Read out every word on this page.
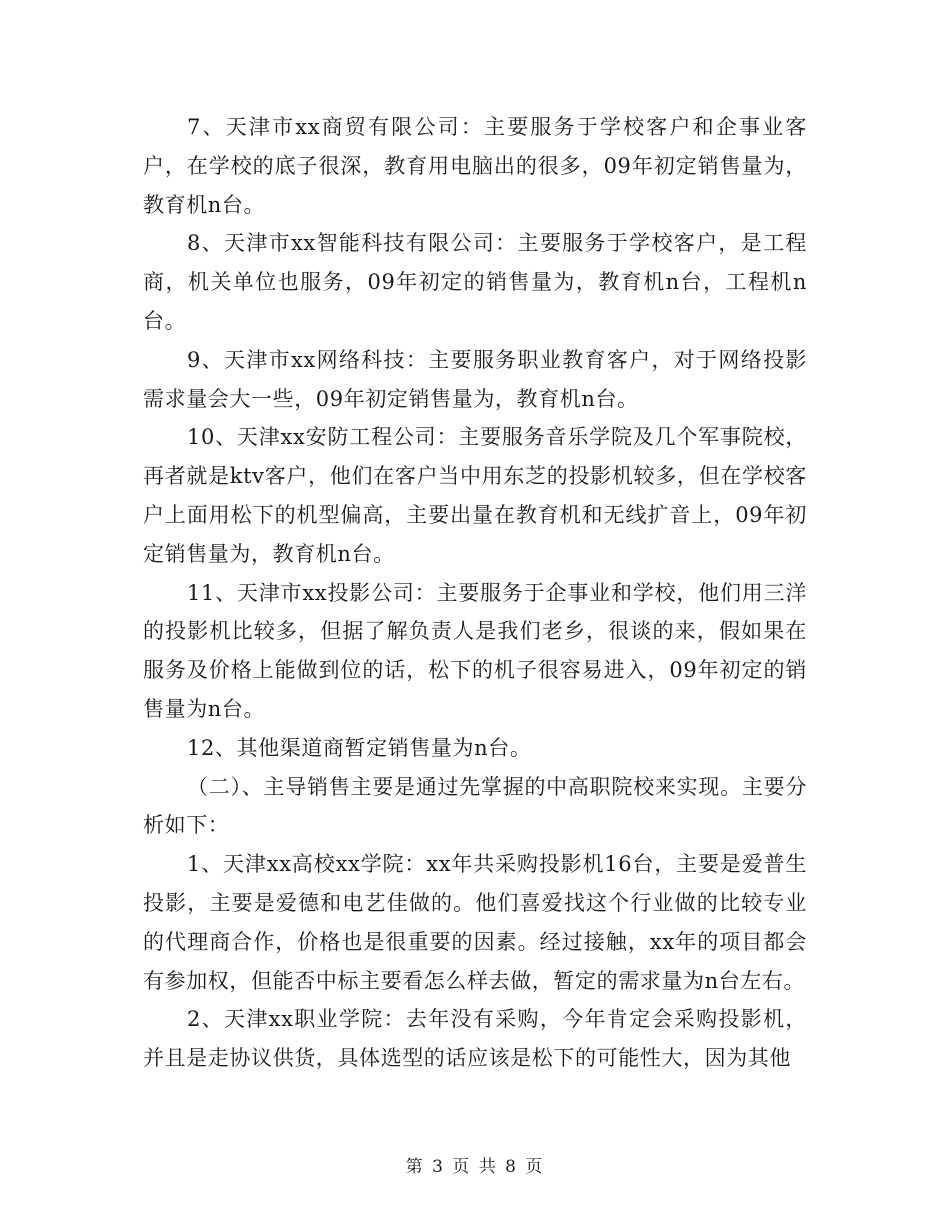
7、天津市xx商贸有限公司：主要服务于学校客户和企事业客户，在学校的底子很深，教育用电脑出的很多，09年初定销售量为，教育机n台。

8、天津市xx智能科技有限公司：主要服务于学校客户，是工程商，机关单位也服务，09年初定的销售量为，教育机n台，工程机n台。

9、天津市xx网络科技：主要服务职业教育客户，对于网络投影需求量会大一些，09年初定销售量为，教育机n台。

10、天津xx安防工程公司：主要服务音乐学院及几个军事院校，再者就是ktv客户，他们在客户当中用东芝的投影机较多，但在学校客户上面用松下的机型偏高，主要出量在教育机和无线扩音上，09年初定销售量为，教育机n台。

11、天津市xx投影公司：主要服务于企事业和学校，他们用三洋的投影机比较多，但据了解负责人是我们老乡，很谈的来，假如果在服务及价格上能做到位的话，松下的机子很容易进入，09年初定的销售量为n台。

12、其他渠道商暂定销售量为n台。

（二）、主导销售主要是通过先掌握的中高职院校来实现。主要分析如下：

1、天津xx高校xx学院：xx年共采购投影机16台，主要是爱普生投影，主要是爱德和电艺佳做的。他们喜爱找这个行业做的比较专业的代理商合作，价格也是很重要的因素。经过接触，xx年的项目都会有参加权，但能否中标主要看怎么样去做，暂定的需求量为n台左右。

2、天津xx职业学院：去年没有采购，今年肯定会采购投影机，并且是走协议供货，具体选型的话应该是松下的可能性大，因为其他

第 3 页 共 8 页
